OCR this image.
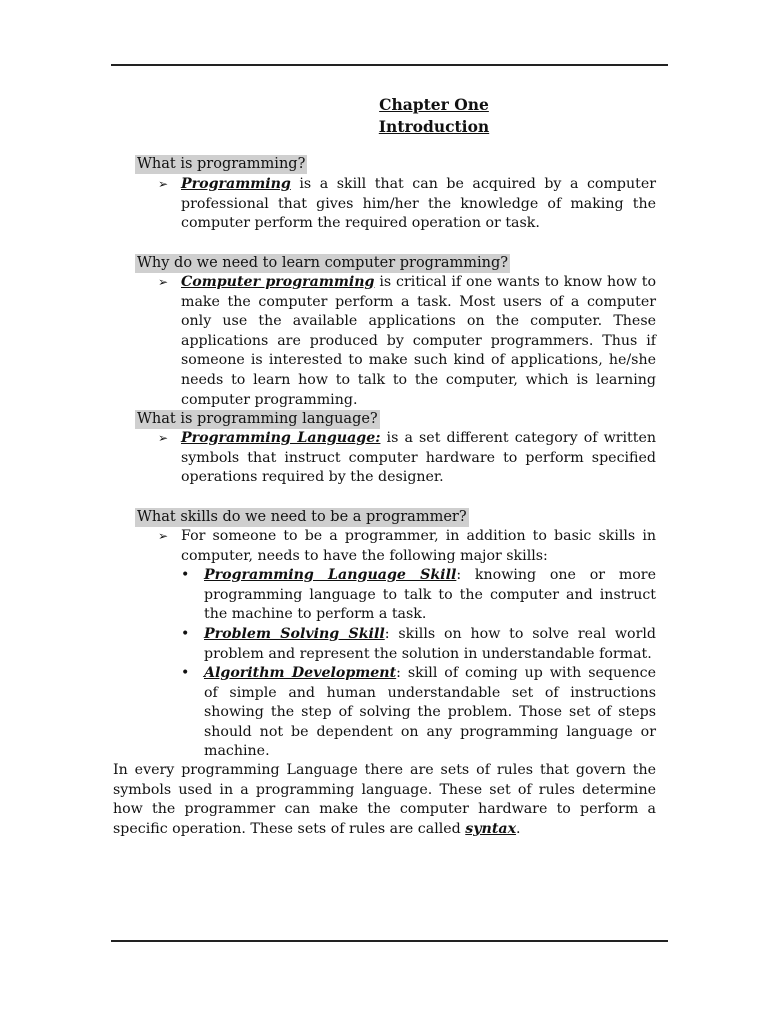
Chapter One
Introduction
What is programming?
➢ Programming is a skill that can be acquired by a computer professional that gives him/her the knowledge of making the computer perform the required operation or task.
Why do we need to learn computer programming?
➢ Computer programming is critical if one wants to know how to make the computer perform a task. Most users of a computer only use the available applications on the computer. These applications are produced by computer programmers. Thus if someone is interested to make such kind of applications, he/she needs to learn how to talk to the computer, which is learning computer programming.
What is programming language?
➢ Programming Language: is a set different category of written symbols that instruct computer hardware to perform specified operations required by the designer.
What skills do we need to be a programmer?
➢ For someone to be a programmer, in addition to basic skills in computer, needs to have the following major skills:
• Programming Language Skill: knowing one or more programming language to talk to the computer and instruct the machine to perform a task.
• Problem Solving Skill: skills on how to solve real world problem and represent the solution in understandable format.
• Algorithm Development: skill of coming up with sequence of simple and human understandable set of instructions showing the step of solving the problem. Those set of steps should not be dependent on any programming language or machine.
In every programming Language there are sets of rules that govern the symbols used in a programming language. These set of rules determine how the programmer can make the computer hardware to perform a specific operation. These sets of rules are called syntax.
